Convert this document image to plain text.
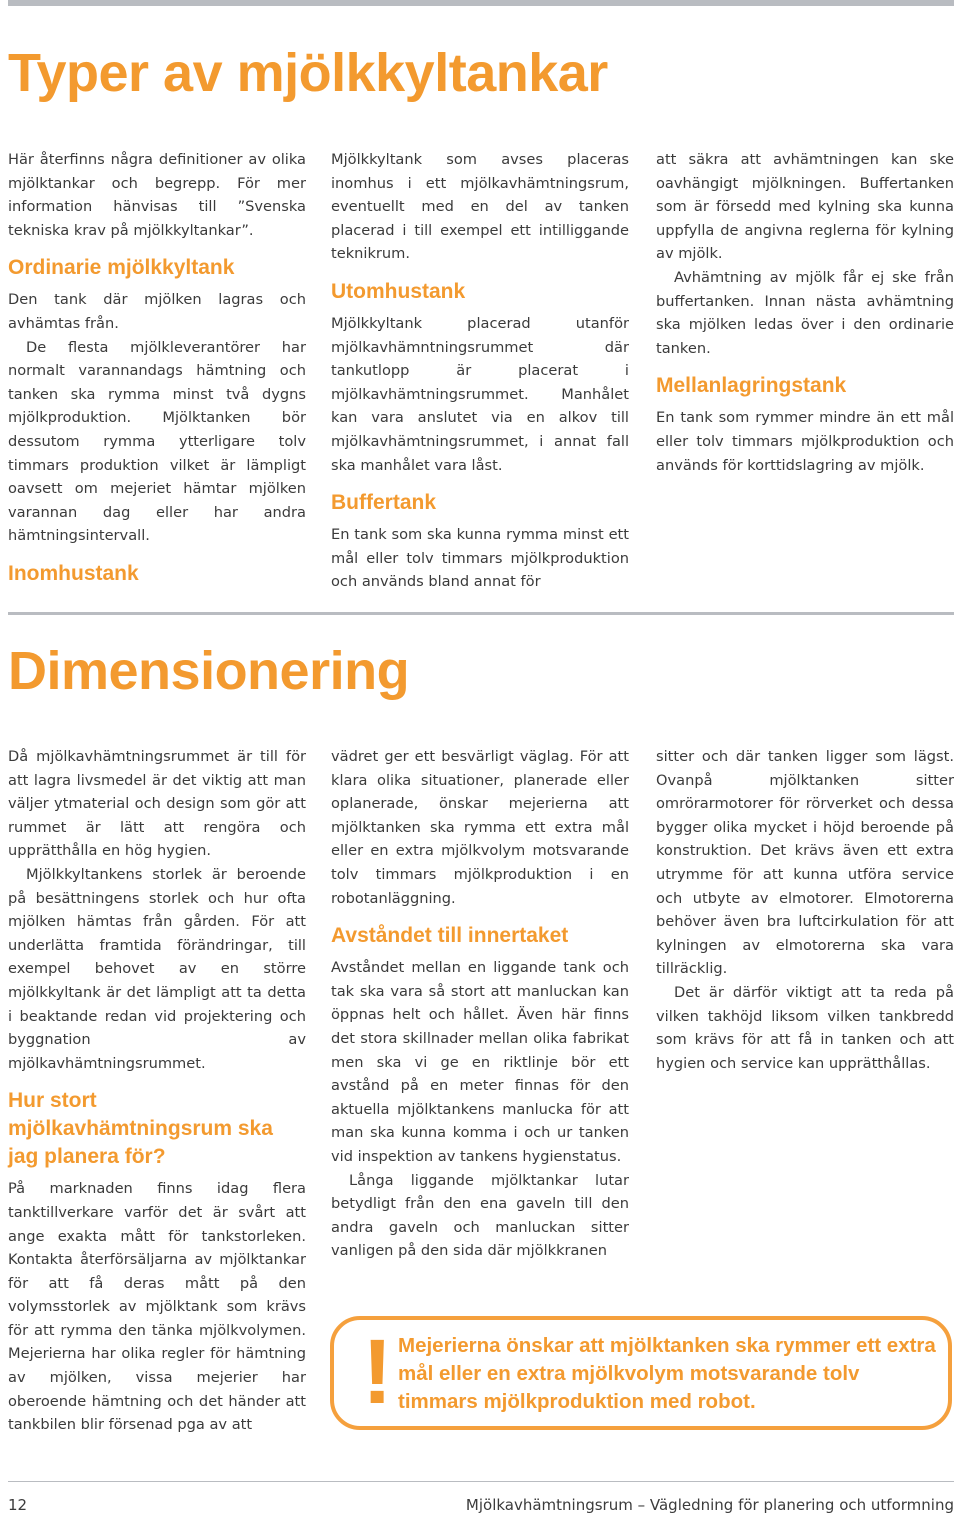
Typer av mjölkkyltankar

Här återfinns några definitioner av olika mjölktankar och begrepp. För mer information hänvisas till ”Svenska tekniska krav på mjölkkyltankar”.

Ordinarie mjölkkyltank

Den tank där mjölken lagras och avhämtas från.

De flesta mjölkleverantörer har normalt varannandags hämtning och tanken ska rymma minst två dygns mjölkproduktion. Mjölktanken bör dessutom rymma ytterligare tolv timmars produktion vilket är lämpligt oavsett om mejeriet hämtar mjölken varannan dag eller har andra hämtningsintervall.

Inomhustank

Mjölkkyltank som avses placeras inomhus i ett mjölkavhämtningsrum, eventuellt med en del av tanken placerad i till exempel ett intilliggande teknikrum.

Utomhustank

Mjölkkyltank placerad utanför mjölkavhämntningsrummet där tankutlopp är placerat i mjölkavhämtningsrummet. Manhålet kan vara anslutet via en alkov till mjölkavhämtningsrummet, i annat fall ska manhålet vara låst.

Buffertank

En tank som ska kunna rymma minst ett mål eller tolv timmars mjölkproduktion och används bland annat för

att säkra att avhämtningen kan ske oavhängigt mjölkningen. Buffertanken som är försedd med kylning ska kunna uppfylla de angivna reglerna för kylning av mjölk.

Avhämtning av mjölk får ej ske från buffertanken. Innan nästa avhämtning ska mjölken ledas över i den ordinarie tanken.

Mellanlagringstank

En tank som rymmer mindre än ett mål eller tolv timmars mjölkproduktion och används för korttidslagring av mjölk.

Dimensionering

Då mjölkavhämtningsrummet är till för att lagra livsmedel är det viktig att man väljer ytmaterial och design som gör att rummet är lätt att rengöra och upprätthålla en hög hygien.

Mjölkkyltankens storlek är beroende på besättningens storlek och hur ofta mjölken hämtas från gården. För att underlätta framtida förändringar, till exempel behovet av en större mjölkkyltank är det lämpligt att ta detta i beaktande redan vid projektering och byggnation av mjölkavhämtningsrummet.

Hur stort mjölkavhämtningsrum ska jag planera för?

På marknaden finns idag flera tanktillverkare varför det är svårt att ange exakta mått för tankstorleken. Kontakta återförsäljarna av mjölktankar för att få deras mått på den volymsstorlek av mjölktank som krävs för att rymma den tänka mjölkvolymen. Mejerierna har olika regler för hämtning av mjölken, vissa mejerier har oberoende hämtning och det händer att tankbilen blir försenad pga av att

vädret ger ett besvärligt väglag. För att klara olika situationer, planerade eller oplanerade, önskar mejerierna att mjölktanken ska rymma ett extra mål eller en extra mjölkvolym motsvarande tolv timmars mjölkproduktion i en robotanläggning.

Avståndet till innertaket

Avståndet mellan en liggande tank och tak ska vara så stort att manluckan kan öppnas helt och hållet. Även här finns det stora skillnader mellan olika fabrikat men ska vi ge en riktlinje bör ett avstånd på en meter finnas för den aktuella mjölktankens manlucka för att man ska kunna komma i och ur tanken vid inspektion av tankens hygienstatus.

Långa liggande mjölktankar lutar betydligt från den ena gaveln till den andra gaveln och manluckan sitter vanligen på den sida där mjölkkranen

sitter och där tanken ligger som lägst. Ovanpå mjölktanken sitter omrörarmotorer för rörverket och dessa bygger olika mycket i höjd beroende på konstruktion. Det krävs även ett extra utrymme för att kunna utföra service och utbyte av elmotorer. Elmotorerna behöver även bra luftcirkulation för att kylningen av elmotorerna ska vara tillräcklig.

Det är därför viktigt att ta reda på vilken takhöjd liksom vilken tankbredd som krävs för att få in tanken och att hygien och service kan upprätthållas.

! Mejerierna önskar att mjölktanken ska rymmer ett extra mål eller en extra mjölkvolym motsvarande tolv timmars mjölkproduktion med robot.
12	Mjölkavhämtningsrum – Vägledning för planering och utformning
